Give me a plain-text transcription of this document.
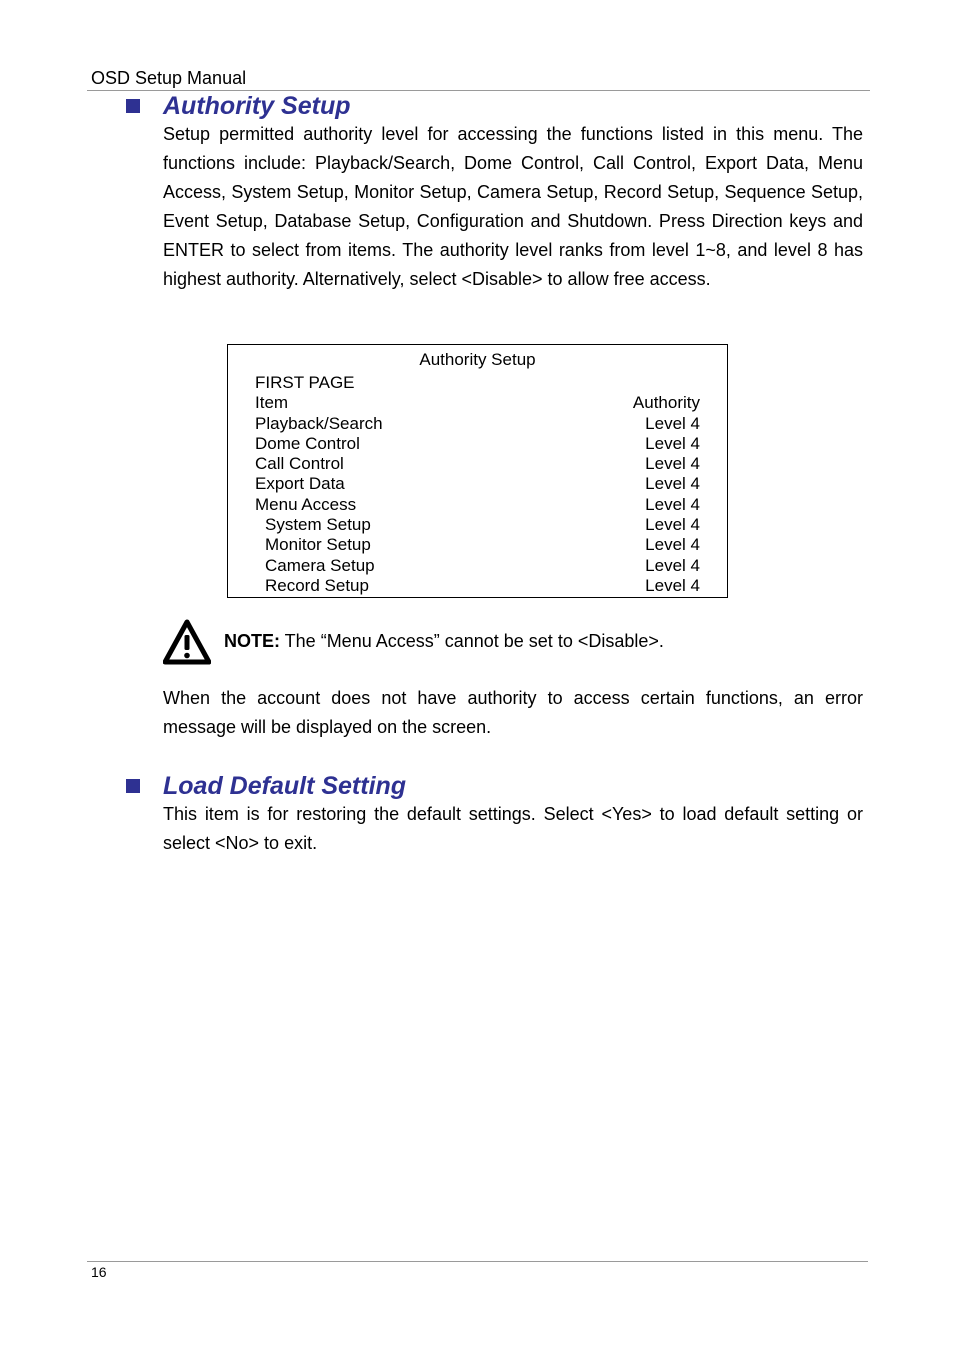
OSD Setup Manual
Authority Setup
Setup permitted authority level for accessing the functions listed in this menu. The functions include: Playback/Search, Dome Control, Call Control, Export Data, Menu Access, System Setup, Monitor Setup, Camera Setup, Record Setup, Sequence Setup, Event Setup, Database Setup, Configuration and Shutdown. Press Direction keys and ENTER to select from items. The authority level ranks from level 1~8, and level 8 has highest authority. Alternatively, select <Disable> to allow free access.
Authority Setup
FIRST PAGE
Item	Authority
Playback/Search	Level 4
Dome Control	Level 4
Call Control	Level 4
Export Data	Level 4
Menu Access	Level 4
System Setup	Level 4
Monitor Setup	Level 4
Camera Setup	Level 4
Record Setup	Level 4
NOTE: The “Menu Access” cannot be set to <Disable>.
When the account does not have authority to access certain functions, an error message will be displayed on the screen.
Load Default Setting
This item is for restoring the default settings. Select <Yes> to load default setting or select <No> to exit.
16
